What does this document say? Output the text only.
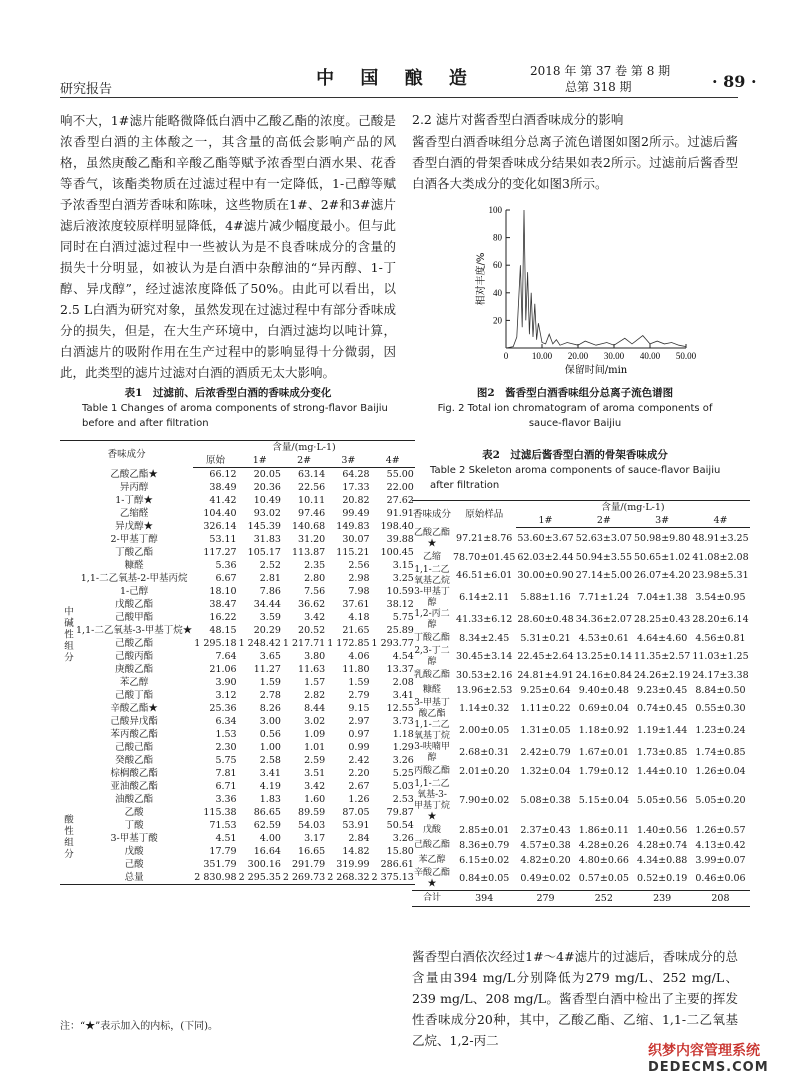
研究报告
中 国 酿 造	2018 年 第 37 卷 第 8 期
总第 318 期	· 89 ·
响不大，1#滤片能略微降低白酒中乙酸乙酯的浓度。己酸是浓香型白酒的主体酸之一，其含量的高低会影响产品的风格，虽然庚酸乙酯和辛酸乙酯等赋予浓香型白酒水果、花香等香气，该酯类物质在过滤过程中有一定降低，1-己醇等赋予浓香型白酒芳香味和陈味，这些物质在1#、2#和3#滤片滤后液浓度较原样明显降低，4#滤片减少幅度最小。但与此同时在白酒过滤过程中一些被认为是不良香味成分的含量的损失十分明显，如被认为是白酒中杂醇油的“异丙醇、1-丁醇、异戊醇”，经过滤浓度降低了50%。由此可以看出，以2.5 L白酒为研究对象，虽然发现在过滤过程中有部分香味成分的损失，但是，在大生产环境中，白酒过滤均以吨计算，白酒滤片的吸附作用在生产过程中的影响显得十分微弱，因此，此类型的滤片过滤对白酒的酒质无太大影响。
2.2 滤片对酱香型白酒香味成分的影响
酱香型白酒香味组分总离子流色谱图如图2所示。过滤后酱香型白酒的骨架香味成分结果如表2所示。过滤前后酱香型白酒各大类成分的变化如图3所示。
表1　过滤前、后浓香型白酒的香味成分变化
Table 1 Changes of aroma components of strong-flavor Baijiu before and after filtration
香味成分		含量/(mg·L-1)				
		原始	1#	2#	3#	4#
中碱性组分	乙酸乙酯★	66.12	20.05	63.14	64.28	55.00
	异丙醇	38.49	20.36	22.56	17.33	22.00
	1-丁醇★	41.42	10.49	10.11	20.82	27.62
	乙缩醛	104.40	93.02	97.46	99.49	91.91
	异戊醇★	326.14	145.39	140.68	149.83	198.40
	2-甲基丁醇	53.11	31.83	31.20	30.07	39.88
	丁酸乙酯	117.27	105.17	113.87	115.21	100.45
	糠醛	5.36	2.52	2.35	2.56	3.15
	1,1-二乙氧基-2-甲基丙烷	6.67	2.81	2.80	2.98	3.25
	1-己醇	18.10	7.86	7.56	7.98	10.59
	戊酸乙酯	38.47	34.44	36.62	37.61	38.12
	己酸甲酯	16.22	3.59	3.42	4.18	5.75
	1,1-二乙氧基-3-甲基丁烷★	48.15	20.29	20.52	21.65	25.89
	己酸乙酯	1 295.18	1 248.42	1 217.71	1 172.85	1 293.77
	己酸丙酯	7.64	3.65	3.80	4.06	4.54
	庚酸乙酯	21.06	11.27	11.63	11.80	13.37
	苯乙醇	3.90	1.59	1.57	1.59	2.08
	己酸丁酯	3.12	2.78	2.82	2.79	3.41
	辛酸乙酯★	25.36	8.26	8.44	9.15	12.55
	己酸异戊酯	6.34	3.00	3.02	2.97	3.73
	苯丙酸乙酯	1.53	0.56	1.09	0.97	1.18
	己酸己酯	2.30	1.00	1.01	0.99	1.29
	癸酸乙酯	5.75	2.58	2.59	2.42	3.26
	棕榈酸乙酯	7.81	3.41	3.51	2.20	5.25
	亚油酸乙酯	6.71	4.19	3.42	2.67	5.03
	油酸乙酯	3.36	1.83	1.60	1.26	2.53
酸性组分	乙酸	115.38	86.65	89.59	87.05	79.87
	丁酸	71.53	62.59	54.03	53.91	50.54
	3-甲基丁酸	4.51	4.00	3.17	2.84	3.26
	戊酸	17.79	16.64	16.65	14.82	15.80
	己酸	351.79	300.16	291.79	319.99	286.61
	总量	2 830.98	2 295.35	2 269.73	2 268.32	2 375.13
注：“★”表示加入的内标，(下同)。
100
80
60
40
20
0	10.00 20.00 30.00 40.00 50.00
相对丰度/%
保留时间/min
图2　酱香型白酒香味组分总离子流色谱图
Fig. 2 Total ion chromatogram of aroma components of
sauce-flavor Baijiu
表2　过滤后酱香型白酒的骨架香味成分
Table 2 Skeleton aroma components of sauce-flavor Baijiu after filtration
香味成分	原始样品	含量/(mg·L-1)			
		1#	2#	3#	4#
乙酸乙酯★	97.21±8.76	53.60±3.67	52.63±3.07	50.98±9.80	48.91±3.25
乙缩	78.70±01.45	62.03±2.44	50.94±3.55	50.65±1.02	41.08±2.08
1,1-二乙氧基乙烷	46.51±6.01	30.00±0.90	27.14±5.00	26.07±4.20	23.98±5.31
3-甲基丁醇	6.14±2.11	5.88±1.16	7.71±1.24	7.04±1.38	3.54±0.95
1,2-丙二醇	41.33±6.12	28.60±0.48	34.36±2.07	28.25±0.43	28.20±6.14
丁酸乙酯	8.34±2.45	5.31±0.21	4.53±0.61	4.64±4.60	4.56±0.81
2,3-丁二醇	30.45±3.14	22.45±2.64	13.25±0.14	11.35±2.57	11.03±1.25
乳酸乙酯	30.53±2.16	24.81±4.91	24.16±0.84	24.26±2.19	24.17±3.38
糠醛	13.96±2.53	9.25±0.64	9.40±0.48	9.23±0.45	8.84±0.50
3-甲基丁酸乙酯	1.14±0.32	1.11±0.22	0.69±0.04	0.74±0.45	0.55±0.30
1,1-二乙氧基丁烷	2.00±0.05	1.31±0.05	1.18±0.92	1.19±1.44	1.23±0.24
3-呋喃甲醇	2.68±0.31	2.42±0.79	1.67±0.01	1.73±0.85	1.74±0.85
丙酸乙酯	2.01±0.20	1.32±0.04	1.79±0.12	1.44±0.10	1.26±0.04
1,1-二乙氧基-3-甲基丁烷★	7.90±0.02	5.08±0.38	5.15±0.04	5.05±0.56	5.05±0.20
戊酸	2.85±0.01	2.37±0.43	1.86±0.11	1.40±0.56	1.26±0.57
己酸乙酯	8.36±0.79	4.57±0.38	4.28±0.26	4.28±0.74	4.13±0.42
苯乙醇	6.15±0.02	4.82±0.20	4.80±0.66	4.34±0.88	3.99±0.07
辛酸乙酯★	0.84±0.05	0.49±0.02	0.57±0.05	0.52±0.19	0.46±0.06
合计	394	279	252	239	208
酱香型白酒依次经过1#～4#滤片的过滤后，香味成分的总含量由394 mg/L分别降低为279 mg/L、252 mg/L、239 mg/L、208 mg/L。酱香型白酒中检出了主要的挥发性香味成分20种，其中，乙酸乙酯、乙缩、1,1-二乙氧基乙烷、1,2-丙二
织梦内容管理系统
DEDECMS.COM
